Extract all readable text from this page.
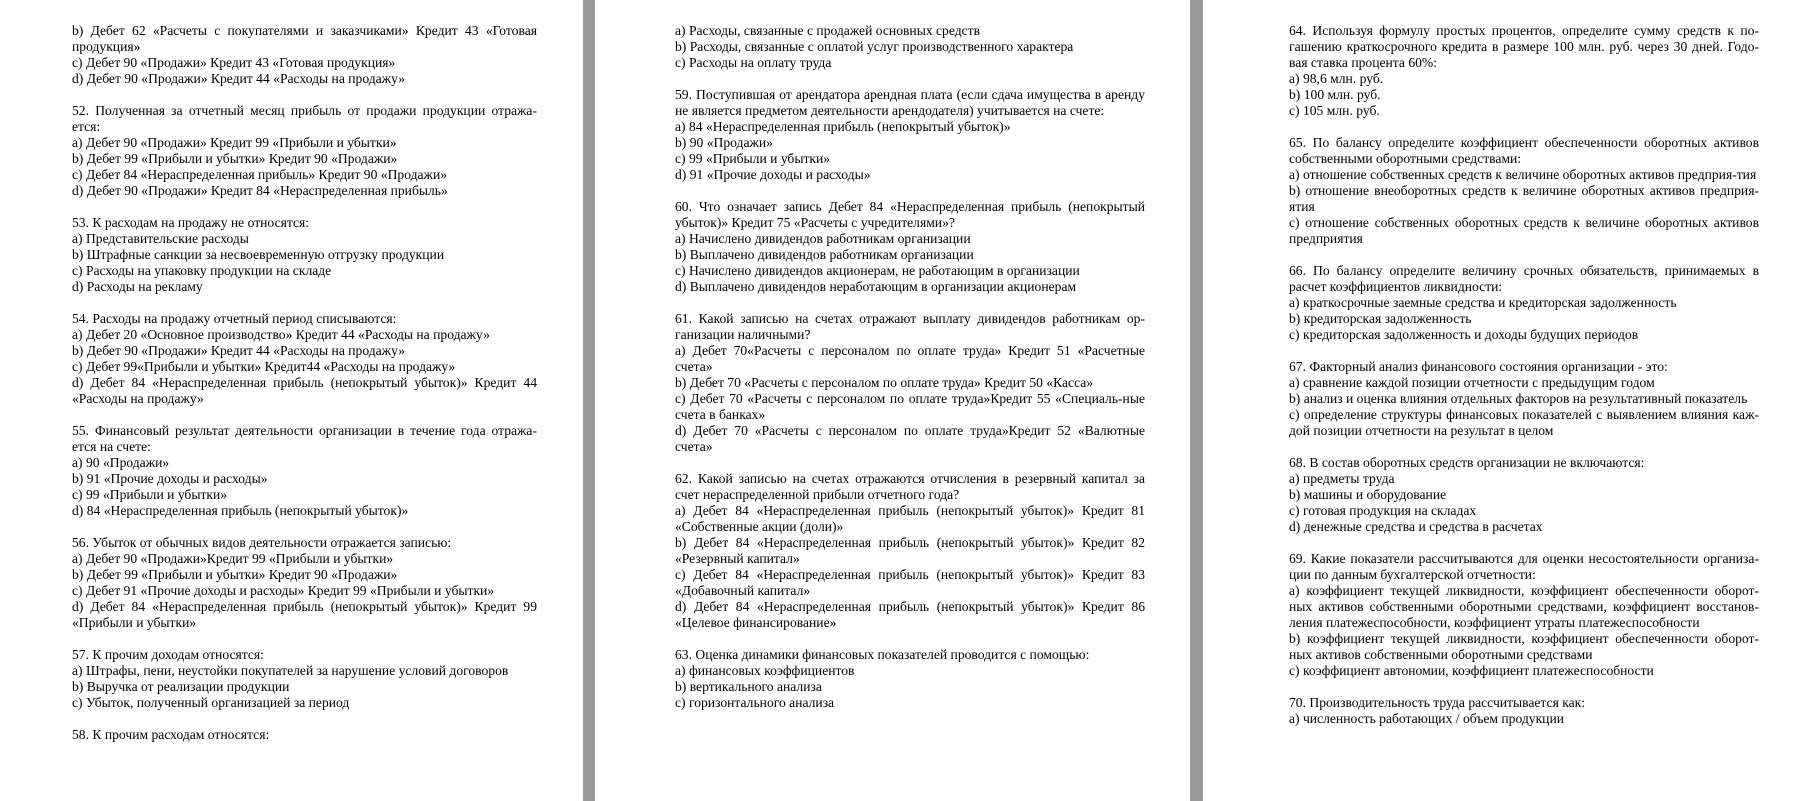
b) Дебет 62 «Расчеты с покупателями и заказчиками» Кредит 43 «Готовая продукция»

c) Дебет 90 «Продажи» Кредит 43 «Готовая продукция»

d) Дебет 90 «Продажи» Кредит 44 «Расходы на продажу»

52. Полученная за отчетный месяц прибыль от продажи продукции отража-ется:

a) Дебет 90 «Продажи» Кредит 99 «Прибыли и убытки»

b) Дебет 99 «Прибыли и убытки» Кредит 90 «Продажи»

c) Дебет 84 «Нераспределенная прибыль» Кредит 90 «Продажи»

d) Дебет 90 «Продажи» Кредит 84 «Нераспределенная прибыль»

53. К расходам на продажу не относятся:

a) Представительские расходы

b) Штрафные санкции за несвоевременную отгрузку продукции

c) Расходы на упаковку продукции на складе

d) Расходы на рекламу

54. Расходы на продажу отчетный период списываются:

a) Дебет 20 «Основное производство» Кредит 44 «Расходы на продажу»

b) Дебет 90 «Продажи» Кредит 44 «Расходы на продажу»

c) Дебет 99«Прибыли и убытки» Кредит44 «Расходы на продажу»

d) Дебет 84 «Нераспределенная прибыль (непокрытый убыток)» Кредит 44 «Расходы на продажу»

55. Финансовый результат деятельности организации в течение года отража-ется на счете:

a) 90 «Продажи»

b) 91 «Прочие доходы и расходы»

c) 99 «Прибыли и убытки»

d) 84 «Нераспределенная прибыль (непокрытый убыток)»

56. Убыток от обычных видов деятельности отражается записью:

a) Дебет 90 «Продажи»Кредит 99 «Прибыли и убытки»

b) Дебет 99 «Прибыли и убытки» Кредит 90 «Продажи»

c) Дебет 91 «Прочие доходы и расходы» Кредит 99 «Прибыли и убытки»

d) Дебет 84 «Нераспределенная прибыль (непокрытый убыток)» Кредит 99 «Прибыли и убытки»

57. К прочим доходам относятся:

a) Штрафы, пени, неустойки покупателей за нарушение условий договоров

b) Выручка от реализации продукции

c) Убыток, полученный организацией за период

58. К прочим расходам относятся:

a) Расходы, связанные с продажей основных средств

b) Расходы, связанные с оплатой услуг производственного характера

c) Расходы на оплату труда

59. Поступившая от арендатора арендная плата (если сдача имущества в аренду не является предметом деятельности арендодателя) учитывается на счете:

a) 84 «Нераспределенная прибыль (непокрытый убыток)»

b) 90 «Продажи»

c) 99 «Прибыли и убытки»

d) 91 «Прочие доходы и расходы»

60. Что означает запись Дебет 84 «Нераспределенная прибыль (непокрытый убыток)» Кредит 75 «Расчеты с учредителями»?

a) Начислено дивидендов работникам организации

b) Выплачено дивидендов работникам организации

c) Начислено дивидендов акционерам, не работающим в организации

d) Выплачено дивидендов неработающим в организации акционерам

61. Какой записью на счетах отражают выплату дивидендов работникам ор-ганизации наличными?

a) Дебет 70«Расчеты с персоналом по оплате труда» Кредит 51 «Расчетные счета»

b) Дебет 70 «Расчеты с персоналом по оплате труда» Кредит 50 «Касса»

c) Дебет 70 «Расчеты с персоналом по оплате труда»Кредит 55 «Специаль-ные счета в банках»

d) Дебет 70 «Расчеты с персоналом по оплате труда»Кредит 52 «Валютные счета»

62. Какой записью на счетах отражаются отчисления в резервный капитал за счет нераспределенной прибыли отчетного года?

a) Дебет 84 «Нераспределенная прибыль (непокрытый убыток)» Кредит 81 «Собственные акции (доли)»

b) Дебет 84 «Нераспределенная прибыль (непокрытый убыток)» Кредит 82 «Резервный капитал»

c) Дебет 84 «Нераспределенная прибыль (непокрытый убыток)» Кредит 83 «Добавочный капитал»

d) Дебет 84 «Нераспределенная прибыль (непокрытый убыток)» Кредит 86 «Целевое финансирование»

63. Оценка динамики финансовых показателей проводится с помощью:

a) финансовых коэффициентов

b) вертикального анализа

c) горизонтального анализа

64. Используя формулу простых процентов, определите сумму средств к по-гашению краткосрочного кредита в размере 100 млн. руб. через 30 дней. Годо-вая ставка процента 60%:

a) 98,6 млн. руб.

b) 100 млн. руб.

c) 105 млн. руб.

65. По балансу определите коэффициент обеспеченности оборотных активов собственными оборотными средствами:

a) отношение собственных средств к величине оборотных активов предприя-тия

b) отношение внеоборотных средств к величине оборотных активов предприя-ятия

c) отношение собственных оборотных средств к величине оборотных активов предприятия

66. По балансу определите величину срочных обязательств, принимаемых в расчет коэффициентов ликвидности:

a) краткосрочные заемные средства и кредиторская задолженность

b) кредиторская задолженность

c) кредиторская задолженность и доходы будущих периодов

67. Факторный анализ финансового состояния организации - это:

a) сравнение каждой позиции отчетности с предыдущим годом

b) анализ и оценка влияния отдельных факторов на результативный показатель

c) определение структуры финансовых показателей с выявлением влияния каж-дой позиции отчетности на результат в целом

68. В состав оборотных средств организации не включаются:

a) предметы труда

b) машины и оборудование

c) готовая продукция на складах

d) денежные средства и средства в расчетах

69. Какие показатели рассчитываются для оценки несостоятельности организа-ции по данным бухгалтерской отчетности:

a) коэффициент текущей ликвидности, коэффициент обеспеченности оборот-ных активов собственными оборотными средствами, коэффициент восстанов-ления платежеспособности, коэффициент утраты платежеспособности

b) коэффициент текущей ликвидности, коэффициент обеспеченности оборот-ных активов собственными оборотными средствами

c) коэффициент автономии, коэффициент платежеспособности

70. Производительность труда рассчитывается как:

a) численность работающих / объем продукции
